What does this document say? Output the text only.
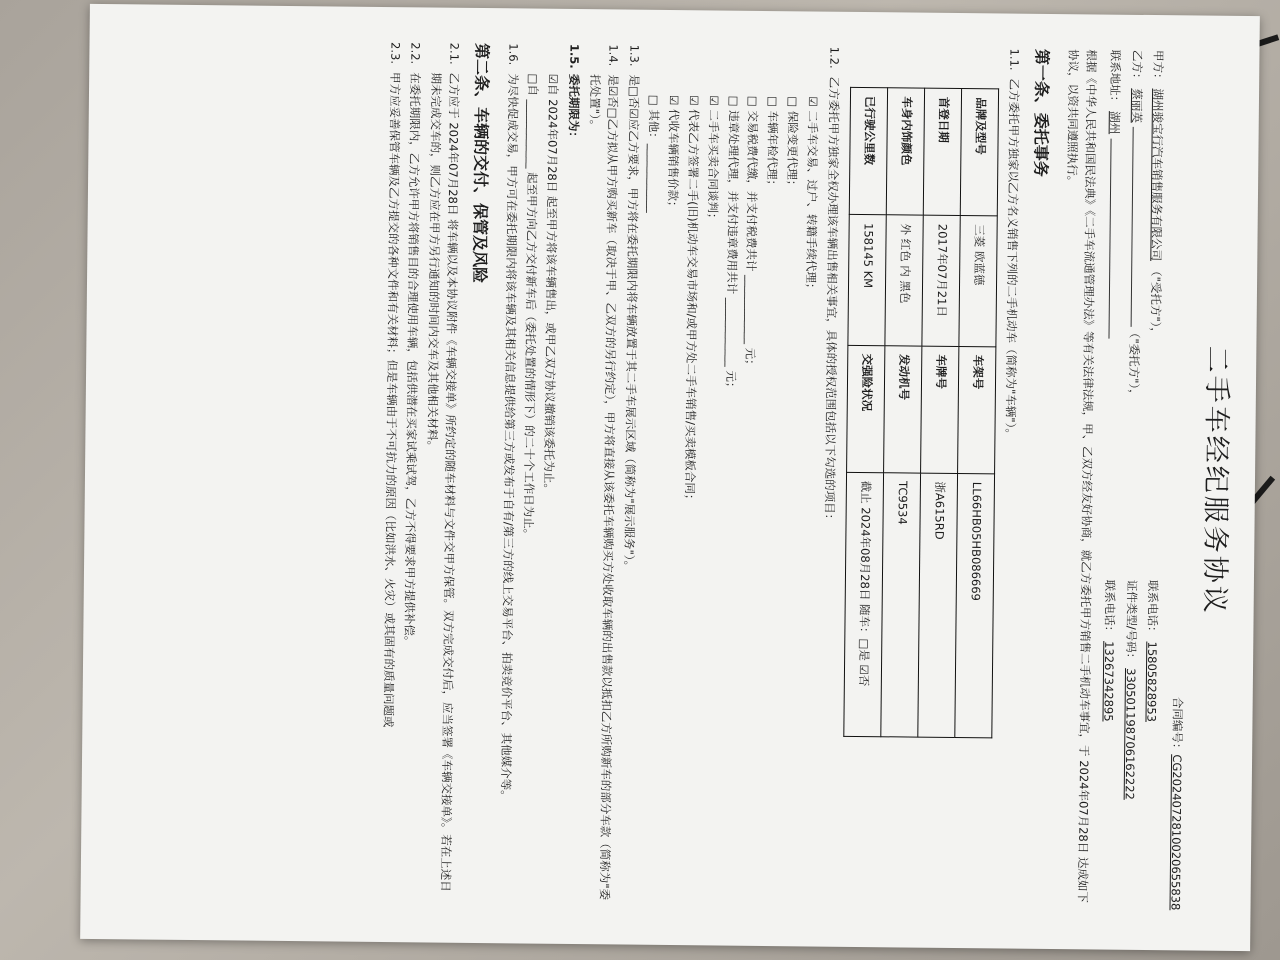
二手车经纪服务协议
合同编号：CG2024072810020655838
甲方：湖州骏宝行汽车销售服务有限公司（"受托方"），
联系电话：15805828953
乙方：蔡丽英（"委托方"），
证件类型/号码：330501198706162222
联系地址：湖州
联系电话：13267342895
根据《中华人民共和国民法典》《二手车流通管理办法》等有关法律法规，甲、乙双方经友好协商，就乙方委托甲方销售二手机动车事宜，于 2024年07月28日 达成如下协议，以资共同遵照执行。
第一条、委托事务
1.1.乙方委托甲方独家以乙方名义销售下列的二手机动车（简称为"车辆"）。
品牌及型号	三菱 欧蓝德	车架号	LL66HB05HB086669
首登日期	2017年07月21日	车牌号	浙A615RD
车身内饰颜色	外 红色 内 黑色	发动机号	TC9534
已行驶公里数	158145 KM	交强险状况	截止 2024年08月28日 随车：□是 ☑否
1.2.乙方委托甲方独家全权办理该车辆出售相关事宜，具体的授权范围包括以下勾选的项目：
☑ 二手车交易、过户、转籍手续代理；
□ 保险变更代理；
□ 车辆年检代理；
□ 交易税费代缴，并支付税费共计 ____________ 元；
□ 违章处理代理，并支付违章费用共计 ____________ 元；
☑ 二手车买卖合同谈判；
☑ 代表乙方签署二手(旧)机动车交易市场和/或甲方处二手车销售/买卖模板合同；
☑ 代收车辆销售价款；
□ 其他：____________
1.3.是□否☑应乙方要求，甲方将在委托期限内将车辆放置于其二手车展示区域（简称为"展示服务"）。
1.4.是☑否□乙方拟从甲方购买新车（取决于甲、乙双方的另行约定），甲方将直接从该委托车辆购买方处收取车辆的出售款以抵扣乙方所购新车的部分车款（简称为"委托处置"）。
1.5.委托期限为：
☑自 2024年07月28日 起至甲方将该车辆售出，或甲乙双方协议撤销该委托为止。
□自 ____________ 起至甲方向乙方交付新车后（委托处置的情形下）的二十个工作日为止。
1.6.为尽快促成交易，甲方可在委托期限内将该车辆及其相关信息提供给第三方或发布于自有/第三方的线上交易平台、拍卖竞价平台、其他媒介等。
第二条、车辆的交付、保管及风险
2.1.乙方应于 2024年07月28日 将车辆以及本协议附件《车辆交接单》所约定的随车材料与文件交甲方保管。双方完成交付后，应当签署《车辆交接单》。若在上述日期未完成交车的，则乙方应在甲方另行通知的时间内交车及其他相关材料。
2.2.在委托期限内，乙方允许甲方将销售目的合理使用车辆，包括供潜在买家试乘试驾，乙方不得要求甲方提供补偿。
2.3.甲方应妥善保管车辆及乙方提交的各种文件和有关材料；但是车辆由于不可抗力的原因（比如洪水、火灾）或其固有的质量问题或
